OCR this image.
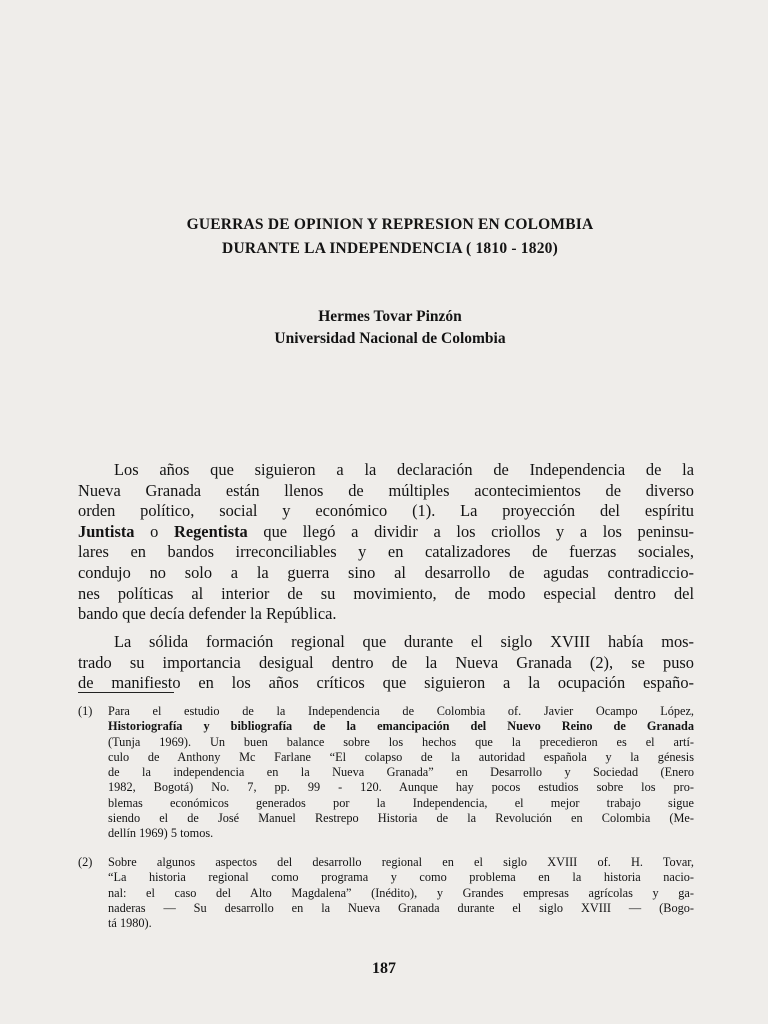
GUERRAS DE OPINION Y REPRESION EN COLOMBIA
DURANTE LA INDEPENDENCIA ( 1810 - 1820)
Hermes Tovar Pinzón
Universidad Nacional de Colombia
Los años que siguieron a la declaración de Independencia de la
Nueva Granada están llenos de múltiples acontecimientos de diverso
orden político, social y económico (1). La proyección del espíritu
Juntista o Regentista que llegó a dividir a los criollos y a los peninsu-
lares en bandos irreconciliables y en catalizadores de fuerzas sociales,
condujo no solo a la guerra sino al desarrollo de agudas contradiccio-
nes políticas al interior de su movimiento, de modo especial dentro del
bando que decía defender la República.
La sólida formación regional que durante el siglo XVIII había mos-
trado su importancia desigual dentro de la Nueva Granada (2), se puso
de manifiesto en los años críticos que siguieron a la ocupación españo-
(1) Para el estudio de la Independencia de Colombia of. Javier Ocampo López,
Historiografía y bibliografía de la emancipación del Nuevo Reino de Granada
(Tunja 1969). Un buen balance sobre los hechos que la precedieron es el artí-
culo de Anthony Mc Farlane “El colapso de la autoridad española y la génesis
de la independencia en la Nueva Granada” en Desarrollo y Sociedad (Enero
1982, Bogotá) No. 7, pp. 99 - 120. Aunque hay pocos estudios sobre los pro-
blemas económicos generados por la Independencia, el mejor trabajo sigue
siendo el de José Manuel Restrepo Historia de la Revolución en Colombia (Me-
dellín 1969) 5 tomos.
(2) Sobre algunos aspectos del desarrollo regional en el siglo XVIII of. H. Tovar,
“La historia regional como programa y como problema en la historia nacio-
nal: el caso del Alto Magdalena” (Inédito), y Grandes empresas agrícolas y ga-
naderas — Su desarrollo en la Nueva Granada durante el siglo XVIII — (Bogo-
tá 1980).
187
